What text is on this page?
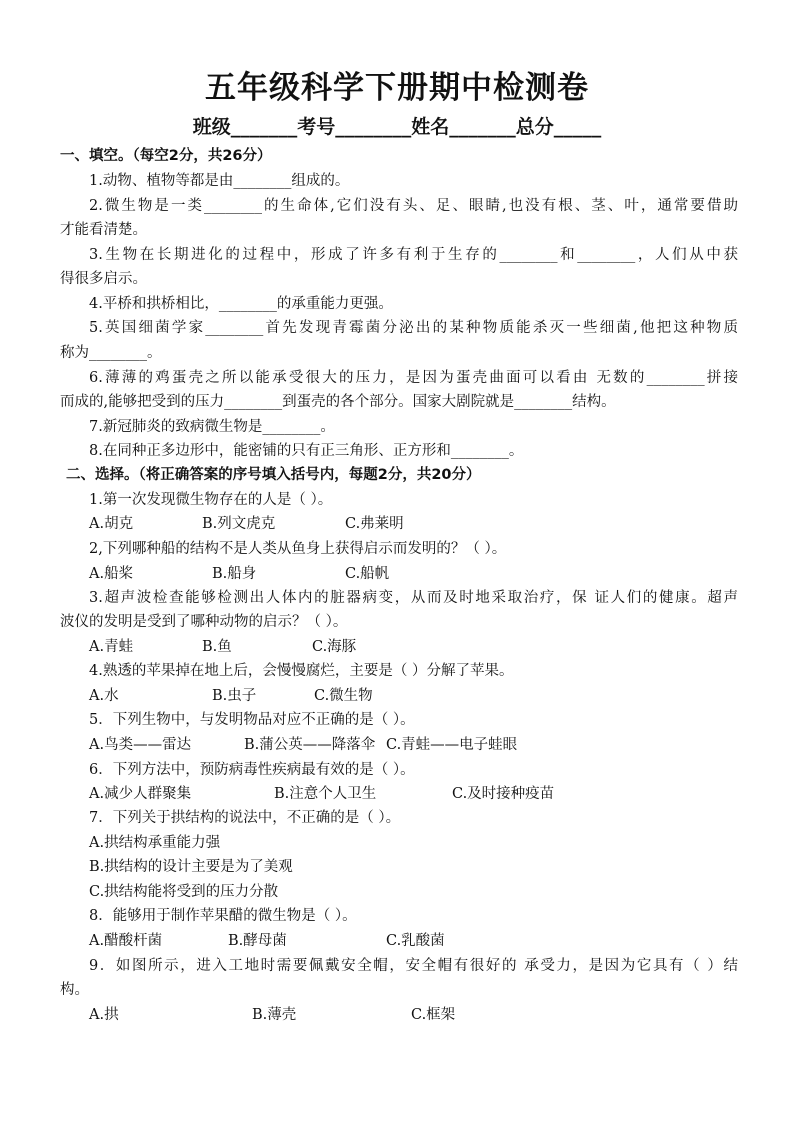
五年级科学下册期中检测卷
班级_______考号________姓名_______总分_____
一、填空。（每空2分，共26分）
1.动物、植物等都是由________组成的。
2.微生物是一类________的生命体,它们没有头、足、眼睛,也没有根、茎、叶，通常要借助
才能看清楚。
3.生物在长期进化的过程中，形成了许多有利于生存的________和________，人们从中获
得很多启示。
4.平桥和拱桥相比，________的承重能力更强。
5.英国细菌学家________首先发现青霉菌分泌出的某种物质能杀灭一些细菌,他把这种物质
称为________。
6.薄薄的鸡蛋壳之所以能承受很大的压力，是因为蛋壳曲面可以看由 无数的________拼接
而成的,能够把受到的压力________到蛋壳的各个部分。国家大剧院就是________结构。
7.新冠肺炎的致病微生物是________。
8.在同种正多边形中，能密铺的只有正三角形、正方形和________。
二、选择。（将正确答案的序号填入括号内，每题2分，共20分）
1.第一次发现微生物存在的人是（ ）。
A.胡克	B.列文虎克	C.弗莱明
2,下列哪种船的结构不是人类从鱼身上获得启示而发明的？（ ）。
A.船桨	B.船身	C.船帆
3.超声波检查能够检测出人体内的脏器病变，从而及时地采取治疗，保 证人们的健康。超声
波仪的发明是受到了哪种动物的启示？（ ）。
A.青蛙	B.鱼	C.海豚
4.熟透的苹果掉在地上后，会慢慢腐烂，主要是（ ）分解了苹果。
A.水	B.虫子	C.微生物
5．下列生物中，与发明物品对应不正确的是（ ）。
A.鸟类——雷达	B.蒲公英——降落伞 C.青蛙——电子蛙眼
6．下列方法中，预防病毒性疾病最有效的是（ ）。
A.减少人群聚集	B.注意个人卫生	C.及时接种疫苗
7．下列关于拱结构的说法中，不正确的是（ ）。
A.拱结构承重能力强
B.拱结构的设计主要是为了美观
C.拱结构能将受到的压力分散
8．能够用于制作苹果醋的微生物是（ ）。
A.醋酸杆菌	B.酵母菌	C.乳酸菌
9．如图所示，进入工地时需要佩戴安全帽，安全帽有很好的 承受力，是因为它具有（ ）结
构。
A.拱	B.薄壳	C.框架
